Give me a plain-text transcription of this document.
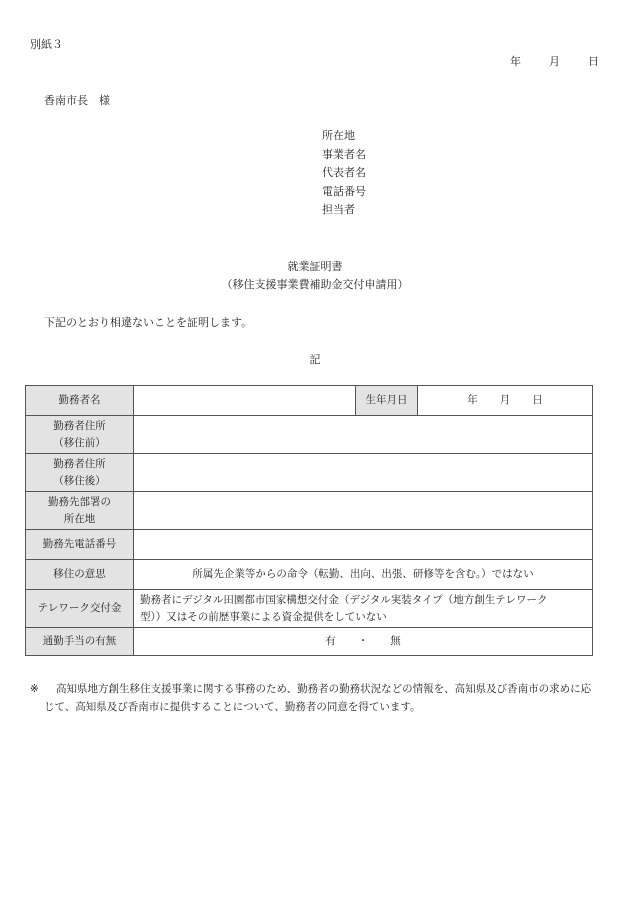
別紙３
年	月	日
香南市長　様
所在地
事業者名
代表者名
電話番号
担当者
就業証明書
（移住支援事業費補助金交付申請用）
下記のとおり相違ないことを証明します。
記
勤務者名		生年月日	年 月 日

勤務者住所
（移住前）			

勤務者住所
（移住後）			

勤務先部署の
所在地			

勤務先電話番号			
移住の意思	所属先企業等からの命令（転勤、出向、出張、研修等を含む。）ではない		
テレワーク交付金	勤務者にデジタル田園都市国家構想交付金（デジタル実装タイプ（地方創生テレワーク
型））又はその前歴事業による資金提供をしていない		

通勤手当の有無	有 ・ 無		
※	高知県地方創生移住支援事業に関する事務のため、勤務者の勤務状況などの情報を、高知県及び香南市の求めに応じて、高知県及び香南市に提供することについて、勤務者の同意を得ています。
